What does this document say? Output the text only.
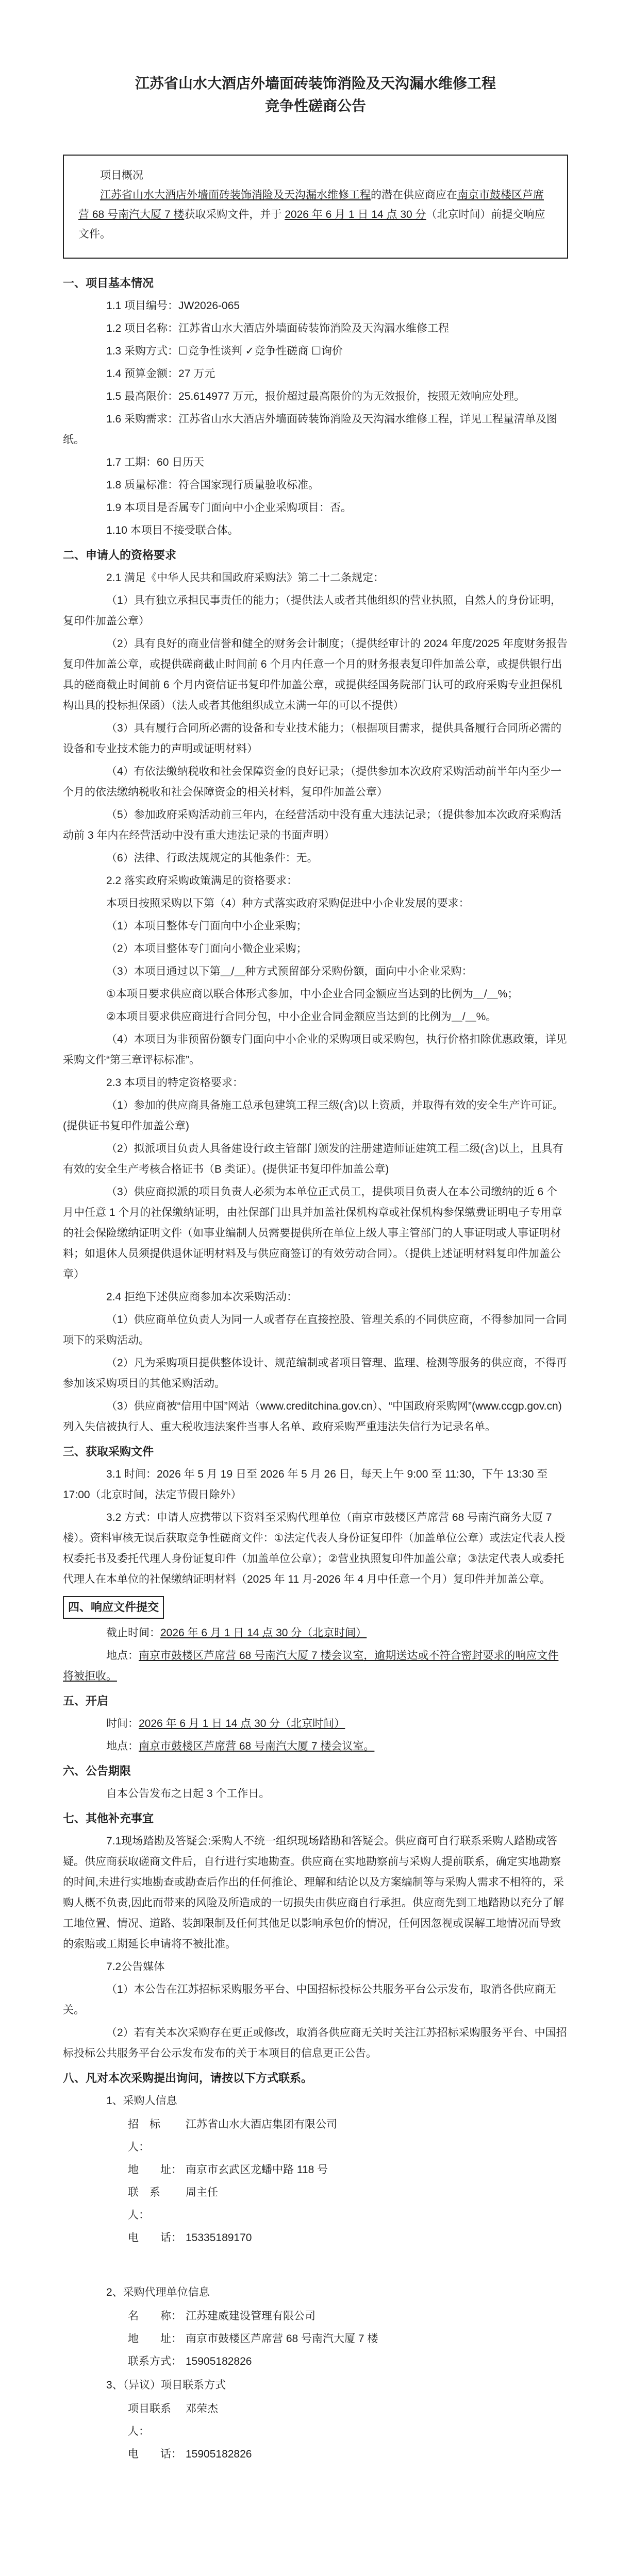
江苏省山水大酒店外墙面砖装饰消险及天沟漏水维修工程

竞争性磋商公告

项目概况
江苏省山水大酒店外墙面砖装饰消险及天沟漏水维修工程的潜在供应商应在南京市鼓楼区芦席营 68 号南汽大厦 7 楼获取采购文件，并于 2026 年 6 月 1 日 14 点 30 分（北京时间）前提交响应文件。
一、项目基本情况

1.1 项目编号：JW2026-065

1.2 项目名称：江苏省山水大酒店外墙面砖装饰消险及天沟漏水维修工程

1.3 采购方式：☐竞争性谈判 ✓竞争性磋商 ☐询价

1.4 预算金额：27 万元

1.5 最高限价：25.614977 万元，报价超过最高限价的为无效报价，按照无效响应处理。

1.6 采购需求：江苏省山水大酒店外墙面砖装饰消险及天沟漏水维修工程，详见工程量清单及图纸。

1.7 工期：60 日历天

1.8 质量标准：符合国家现行质量验收标准。

1.9 本项目是否属专门面向中小企业采购项目：否。

1.10 本项目不接受联合体。

二、申请人的资格要求

2.1 满足《中华人民共和国政府采购法》第二十二条规定：

（1）具有独立承担民事责任的能力；（提供法人或者其他组织的营业执照，自然人的身份证明，复印件加盖公章）

（2）具有良好的商业信誉和健全的财务会计制度；（提供经审计的 2024 年度/2025 年度财务报告复印件加盖公章，或提供磋商截止时间前 6 个月内任意一个月的财务报表复印件加盖公章，或提供银行出具的磋商截止时间前 6 个月内资信证书复印件加盖公章，或提供经国务院部门认可的政府采购专业担保机构出具的投标担保函）（法人或者其他组织成立未满一年的可以不提供）

（3）具有履行合同所必需的设备和专业技术能力；（根据项目需求，提供具备履行合同所必需的设备和专业技术能力的声明或证明材料）

（4）有依法缴纳税收和社会保障资金的良好记录；（提供参加本次政府采购活动前半年内至少一个月的依法缴纳税收和社会保障资金的相关材料，复印件加盖公章）

（5）参加政府采购活动前三年内，在经营活动中没有重大违法记录；（提供参加本次政府采购活动前 3 年内在经营活动中没有重大违法记录的书面声明）

（6）法律、行政法规规定的其他条件：无。

2.2 落实政府采购政策满足的资格要求：

本项目按照采购以下第（4）种方式落实政府采购促进中小企业发展的要求：

（1）本项目整体专门面向中小企业采购；

（2）本项目整体专门面向小微企业采购；

（3）本项目通过以下第＿/＿种方式预留部分采购份额，面向中小企业采购：

①本项目要求供应商以联合体形式参加，中小企业合同金额应当达到的比例为＿/＿%；

②本项目要求供应商进行合同分包，中小企业合同金额应当达到的比例为＿/＿%。

（4）本项目为非预留份额专门面向中小企业的采购项目或采购包，执行价格扣除优惠政策，详见采购文件“第三章评标标准”。

2.3 本项目的特定资格要求：

（1）参加的供应商具备施工总承包建筑工程三级(含)以上资质，并取得有效的安全生产许可证。(提供证书复印件加盖公章)

（2）拟派项目负责人具备建设行政主管部门颁发的注册建造师证建筑工程二级(含)以上，且具有有效的安全生产考核合格证书（B 类证）。(提供证书复印件加盖公章)

（3）供应商拟派的项目负责人必须为本单位正式员工，提供项目负责人在本公司缴纳的近 6 个月中任意 1 个月的社保缴纳证明，由社保部门出具并加盖社保机构章或社保机构参保缴费证明电子专用章的社会保险缴纳证明文件（如事业编制人员需要提供所在单位上级人事主管部门的人事证明或人事证明材料；如退休人员须提供退休证明材料及与供应商签订的有效劳动合同）。（提供上述证明材料复印件加盖公章）

2.4 拒绝下述供应商参加本次采购活动：

（1）供应商单位负责人为同一人或者存在直接控股、管理关系的不同供应商，不得参加同一合同项下的采购活动。

（2）凡为采购项目提供整体设计、规范编制或者项目管理、监理、检测等服务的供应商，不得再参加该采购项目的其他采购活动。

（3）供应商被“信用中国”网站（www.creditchina.gov.cn）、“中国政府采购网”(www.ccgp.gov.cn)列入失信被执行人、重大税收违法案件当事人名单、政府采购严重违法失信行为记录名单。

三、获取采购文件

3.1 时间：2026 年 5 月 19 日至 2026 年 5 月 26 日，每天上午 9:00 至 11:30，下午 13:30 至 17:00（北京时间，法定节假日除外）

3.2 方式：申请人应携带以下资料至采购代理单位（南京市鼓楼区芦席营 68 号南汽商务大厦 7 楼）。资料审核无误后获取竞争性磋商文件：①法定代表人身份证复印件（加盖单位公章）或法定代表人授权委托书及委托代理人身份证复印件（加盖单位公章）；②营业执照复印件加盖公章；③法定代表人或委托代理人在本单位的社保缴纳证明材料（2025 年 11 月-2026 年 4 月中任意一个月）复印件并加盖公章。

四、响应文件提交

截止时间：2026 年 6 月 1 日 14 点 30 分（北京时间）

地点：南京市鼓楼区芦席营 68 号南汽大厦 7 楼会议室，逾期送达或不符合密封要求的响应文件将被拒收。

五、开启

时间：2026 年 6 月 1 日 14 点 30 分（北京时间）

地点：南京市鼓楼区芦席营 68 号南汽大厦 7 楼会议室。

六、公告期限

自本公告发布之日起 3 个工作日。

七、其他补充事宜

7.1现场踏勘及答疑会:采购人不统一组织现场踏勘和答疑会。供应商可自行联系采购人踏勘或答疑。供应商获取磋商文件后，自行进行实地勘查。供应商在实地勘察前与采购人提前联系，确定实地勘察的时间,未进行实地勘查或勘查后作出的任何推论、理解和结论以及方案编制等与采购人需求不相符的，采购人概不负责,因此而带来的风险及所造成的一切损失由供应商自行承担。供应商先到工地踏勘以充分了解工地位置、情况、道路、装卸限制及任何其他足以影响承包价的情况，任何因忽视或误解工地情况而导致的索赔或工期延长申请将不被批准。

7.2公告媒体

（1）本公告在江苏招标采购服务平台、中国招标投标公共服务平台公示发布，取消各供应商无关。

（2）若有关本次采购存在更正或修改，取消各供应商无关时关注江苏招标采购服务平台、中国招标投标公共服务平台公示发布发布的关于本项目的信息更正公告。

八、凡对本次采购提出询问，请按以下方式联系。

1、采购人信息

招　标　人：
江苏省山水大酒店集团有限公司
地　　址： 南京市玄武区龙蟠中路 118 号
联　系　人：
周主任
电　　话： 15335189170

2、采购代理单位信息

名　　称： 江苏建威建设管理有限公司
地　　址： 南京市鼓楼区芦席营 68 号南汽大厦 7 楼
联系方式： 15905182826

3、（异议）项目联系方式

项目联系人：
邓荣杰
电　　话： 15905182826
